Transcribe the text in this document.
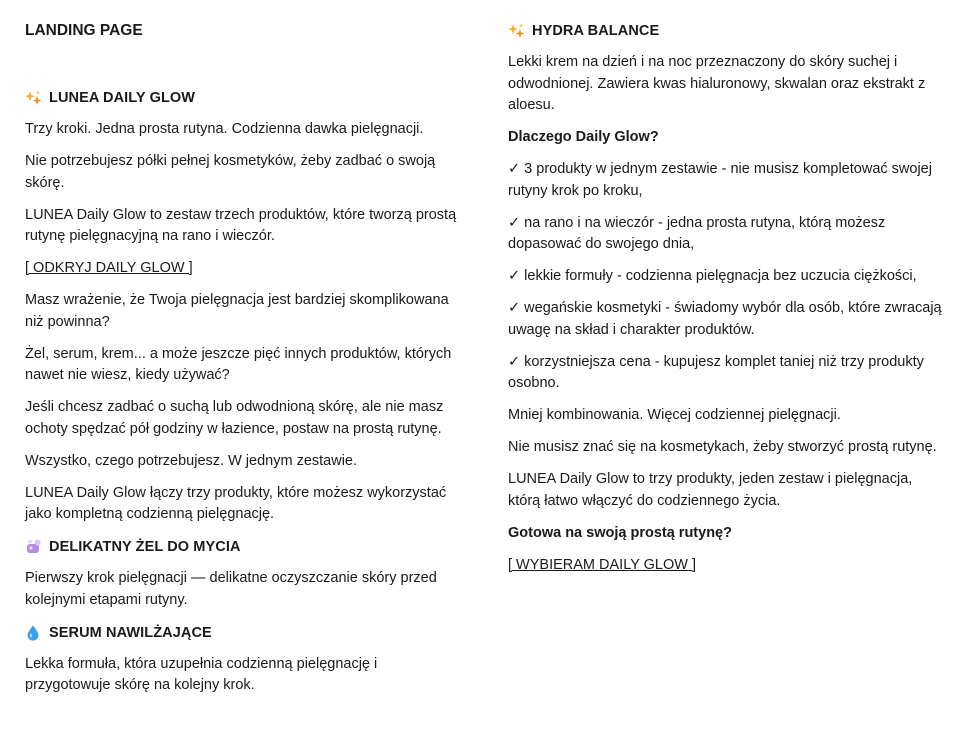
LANDING PAGE
LUNEA DAILY GLOW

Trzy kroki. Jedna prosta rutyna. Codzienna dawka pielęgnacji.

Nie potrzebujesz półki pełnej kosmetyków, żeby zadbać o swoją skórę.

LUNEA Daily Glow to zestaw trzech produktów, które tworzą prostą rutynę pielęgnacyjną na rano i wieczór.

[ ODKRYJ DAILY GLOW ]

Masz wrażenie, że Twoja pielęgnacja jest bardziej skomplikowana niż powinna?

Żel, serum, krem... a może jeszcze pięć innych produktów, których nawet nie wiesz, kiedy używać?

Jeśli chcesz zadbać o suchą lub odwodnioną skórę, ale nie masz ochoty spędzać pół godziny w łazience, postaw na prostą rutynę.

Wszystko, czego potrzebujesz. W jednym zestawie.

LUNEA Daily Glow łączy trzy produkty, które możesz wykorzystać jako kompletną codzienną pielęgnację.

DELIKATNY ŻEL DO MYCIA

Pierwszy krok pielęgnacji — delikatne oczyszczanie skóry przed kolejnymi etapami rutyny.

SERUM NAWILŻAJĄCE

Lekka formuła, która uzupełnia codzienną pielęgnację i przygotowuje skórę na kolejny krok.

HYDRA BALANCE

Lekki krem na dzień i na noc przeznaczony do skóry suchej i odwodnionej. Zawiera kwas hialuronowy, skwalan oraz ekstrakt z aloesu.

Dlaczego Daily Glow?

✓ 3 produkty w jednym zestawie - nie musisz kompletować swojej rutyny krok po kroku,

✓ na rano i na wieczór - jedna prosta rutyna, którą możesz dopasować do swojego dnia,

✓ lekkie formuły - codzienna pielęgnacja bez uczucia ciężkości,

✓ wegańskie kosmetyki - świadomy wybór dla osób, które zwracają uwagę na skład i charakter produktów.

✓ korzystniejsza cena - kupujesz komplet taniej niż trzy produkty osobno.

Mniej kombinowania. Więcej codziennej pielęgnacji.

Nie musisz znać się na kosmetykach, żeby stworzyć prostą rutynę.

LUNEA Daily Glow to trzy produkty, jeden zestaw i pielęgnacja, którą łatwo włączyć do codziennego życia.

Gotowa na swoją prostą rutynę?

[ WYBIERAM DAILY GLOW ]
